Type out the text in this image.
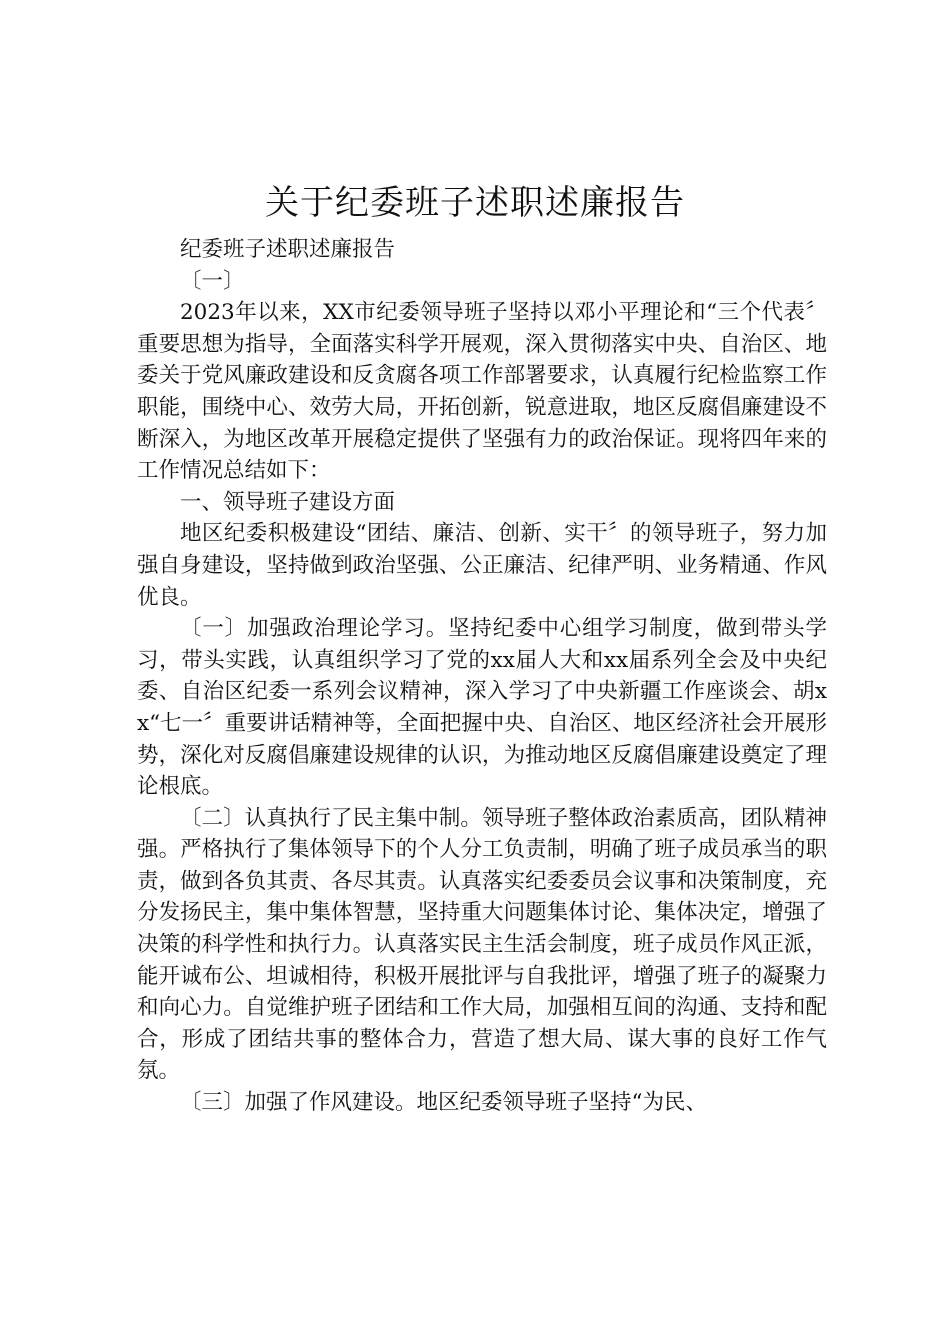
关于纪委班子述职述廉报告

纪委班子述职述廉报告

〔一〕

2023年以来，XX市纪委领导班子坚持以邓小平理论和“三个代表〞重要思想为指导，全面落实科学开展观，深入贯彻落实中央、自治区、地委关于党风廉政建设和反贪腐各项工作部署要求，认真履行纪检监察工作职能，围绕中心、效劳大局，开拓创新，锐意进取，地区反腐倡廉建设不断深入，为地区改革开展稳定提供了坚强有力的政治保证。现将四年来的工作情况总结如下：

一、领导班子建设方面

地区纪委积极建设“团结、廉洁、创新、实干〞的领导班子，努力加强自身建设，坚持做到政治坚强、公正廉洁、纪律严明、业务精通、作风优良。

〔一〕加强政治理论学习。坚持纪委中心组学习制度，做到带头学习，带头实践，认真组织学习了党的xx届人大和xx届系列全会及中央纪委、自治区纪委一系列会议精神，深入学习了中央新疆工作座谈会、胡xx“七一〞重要讲话精神等，全面把握中央、自治区、地区经济社会开展形势，深化对反腐倡廉建设规律的认识，为推动地区反腐倡廉建设奠定了理论根底。

〔二〕认真执行了民主集中制。领导班子整体政治素质高，团队精神强。严格执行了集体领导下的个人分工负责制，明确了班子成员承当的职责，做到各负其责、各尽其责。认真落实纪委委员会议事和决策制度，充分发扬民主，集中集体智慧，坚持重大问题集体讨论、集体决定，增强了决策的科学性和执行力。认真落实民主生活会制度，班子成员作风正派，能开诚布公、坦诚相待，积极开展批评与自我批评，增强了班子的凝聚力和向心力。自觉维护班子团结和工作大局，加强相互间的沟通、支持和配合，形成了团结共事的整体合力，营造了想大局、谋大事的良好工作气氛。

〔三〕加强了作风建设。地区纪委领导班子坚持“为民、
